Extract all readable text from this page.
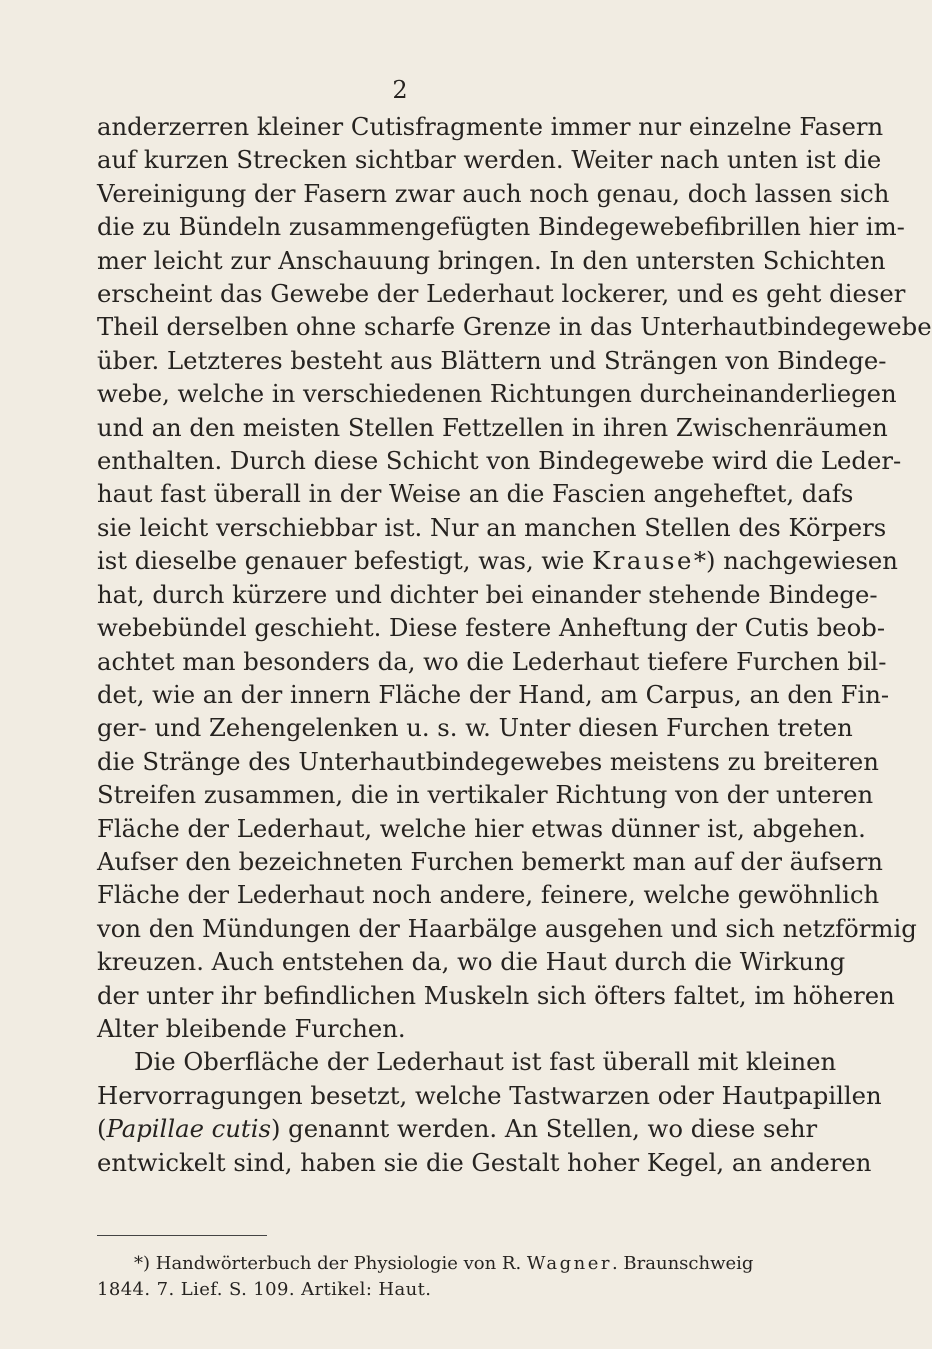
2
anderzerren kleiner Cutisfragmente immer nur einzelne Fasern
auf kurzen Strecken sichtbar werden. Weiter nach unten ist die
Vereinigung der Fasern zwar auch noch genau, doch lassen sich
die zu Bündeln zusammengefügten Bindegewebefibrillen hier im-
mer leicht zur Anschauung bringen. In den untersten Schichten
erscheint das Gewebe der Lederhaut lockerer, und es geht dieser
Theil derselben ohne scharfe Grenze in das Unterhautbindegewebe
über. Letzteres besteht aus Blättern und Strängen von Bindege-
webe, welche in verschiedenen Richtungen durcheinanderliegen
und an den meisten Stellen Fettzellen in ihren Zwischenräumen
enthalten. Durch diese Schicht von Bindegewebe wird die Leder-
haut fast überall in der Weise an die Fascien angeheftet, dafs
sie leicht verschiebbar ist. Nur an manchen Stellen des Körpers
ist dieselbe genauer befestigt, was, wie Krause*) nachgewiesen
hat, durch kürzere und dichter bei einander stehende Bindege-
webebündel geschieht. Diese festere Anheftung der Cutis beob-
achtet man besonders da, wo die Lederhaut tiefere Furchen bil-
det, wie an der innern Fläche der Hand, am Carpus, an den Fin-
ger- und Zehengelenken u. s. w. Unter diesen Furchen treten
die Stränge des Unterhautbindegewebes meistens zu breiteren
Streifen zusammen, die in vertikaler Richtung von der unteren
Fläche der Lederhaut, welche hier etwas dünner ist, abgehen.
Aufser den bezeichneten Furchen bemerkt man auf der äufsern
Fläche der Lederhaut noch andere, feinere, welche gewöhnlich
von den Mündungen der Haarbälge ausgehen und sich netzförmig
kreuzen. Auch entstehen da, wo die Haut durch die Wirkung
der unter ihr befindlichen Muskeln sich öfters faltet, im höheren
Alter bleibende Furchen.
Die Oberfläche der Lederhaut ist fast überall mit kleinen
Hervorragungen besetzt, welche Tastwarzen oder Hautpapillen
(Papillae cutis) genannt werden. An Stellen, wo diese sehr
entwickelt sind, haben sie die Gestalt hoher Kegel, an anderen
*) Handwörterbuch der Physiologie von R. Wagner. Braunschweig
1844. 7. Lief. S. 109. Artikel: Haut.
